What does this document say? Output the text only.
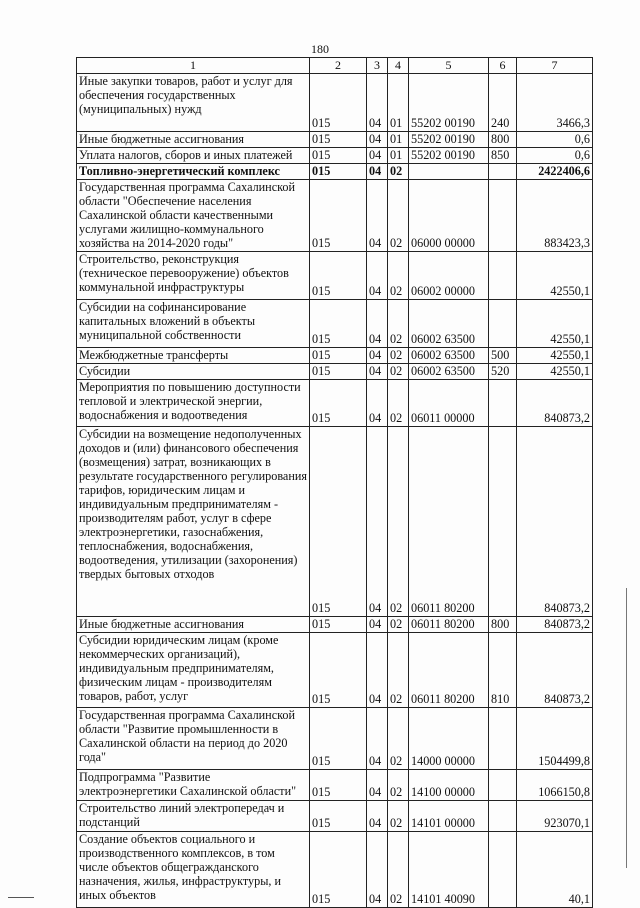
180
1	2	3	4	5	6	7

Иные закупки товаров, работ и услуг для обеспечения государственных (муниципальных) нужд	015	04	01	55202 00190	240	3466,3

Иные бюджетные ассигнования	015	04	01	55202 00190	800	0,6

Уплата налогов, сборов и иных платежей	015	04	01	55202 00190	850	0,6

Топливно-энергетический комплекс	015	04	02			2422406,6

Государственная программа Сахалинской области "Обеспечение населения Сахалинской области качественными услугами жилищно-коммунального хозяйства на 2014-2020 годы"	015	04	02	06000 00000		883423,3

Строительство, реконструкция (техническое перевооружение) объектов коммунальной инфраструктуры	015	04	02	06002 00000		42550,1

Субсидии на софинансирование капитальных вложений в объекты муниципальной собственности	015	04	02	06002 63500		42550,1

Межбюджетные трансферты	015	04	02	06002 63500	500	42550,1

Субсидии	015	04	02	06002 63500	520	42550,1

Мероприятия по повышению доступности тепловой и электрической энергии, водоснабжения и водоотведения	015	04	02	06011 00000		840873,2

Субсидии на возмещение недополученных доходов и (или) финансового обеспечения (возмещения) затрат, возникающих в результате государственного регулирования тарифов, юридическим лицам и индивидуальным предпринимателям - производителям работ, услуг в сфере электроэнергетики, газоснабжения, теплоснабжения, водоснабжения, водоотведения, утилизации (захоронения) твердых бытовых отходов	015	04	02	06011 80200		840873,2

Иные бюджетные ассигнования	015	04	02	06011 80200	800	840873,2

Субсидии юридическим лицам (кроме некоммерческих организаций), индивидуальным предпринимателям, физическим лицам - производителям товаров, работ, услуг	015	04	02	06011 80200	810	840873,2

Государственная программа Сахалинской области "Развитие промышленности в Сахалинской области на период до 2020 года"	015	04	02	14000 00000		1504499,8

Подпрограмма "Развитие электроэнергетики Сахалинской области"	015	04	02	14100 00000		1066150,8

Строительство линий электропередач и подстанций	015	04	02	14101 00000		923070,1

Создание объектов социального и производственного комплексов, в том числе объектов общегражданского назначения, жилья, инфраструктуры, и иных объектов	015	04	02	14101 40090		40,1
